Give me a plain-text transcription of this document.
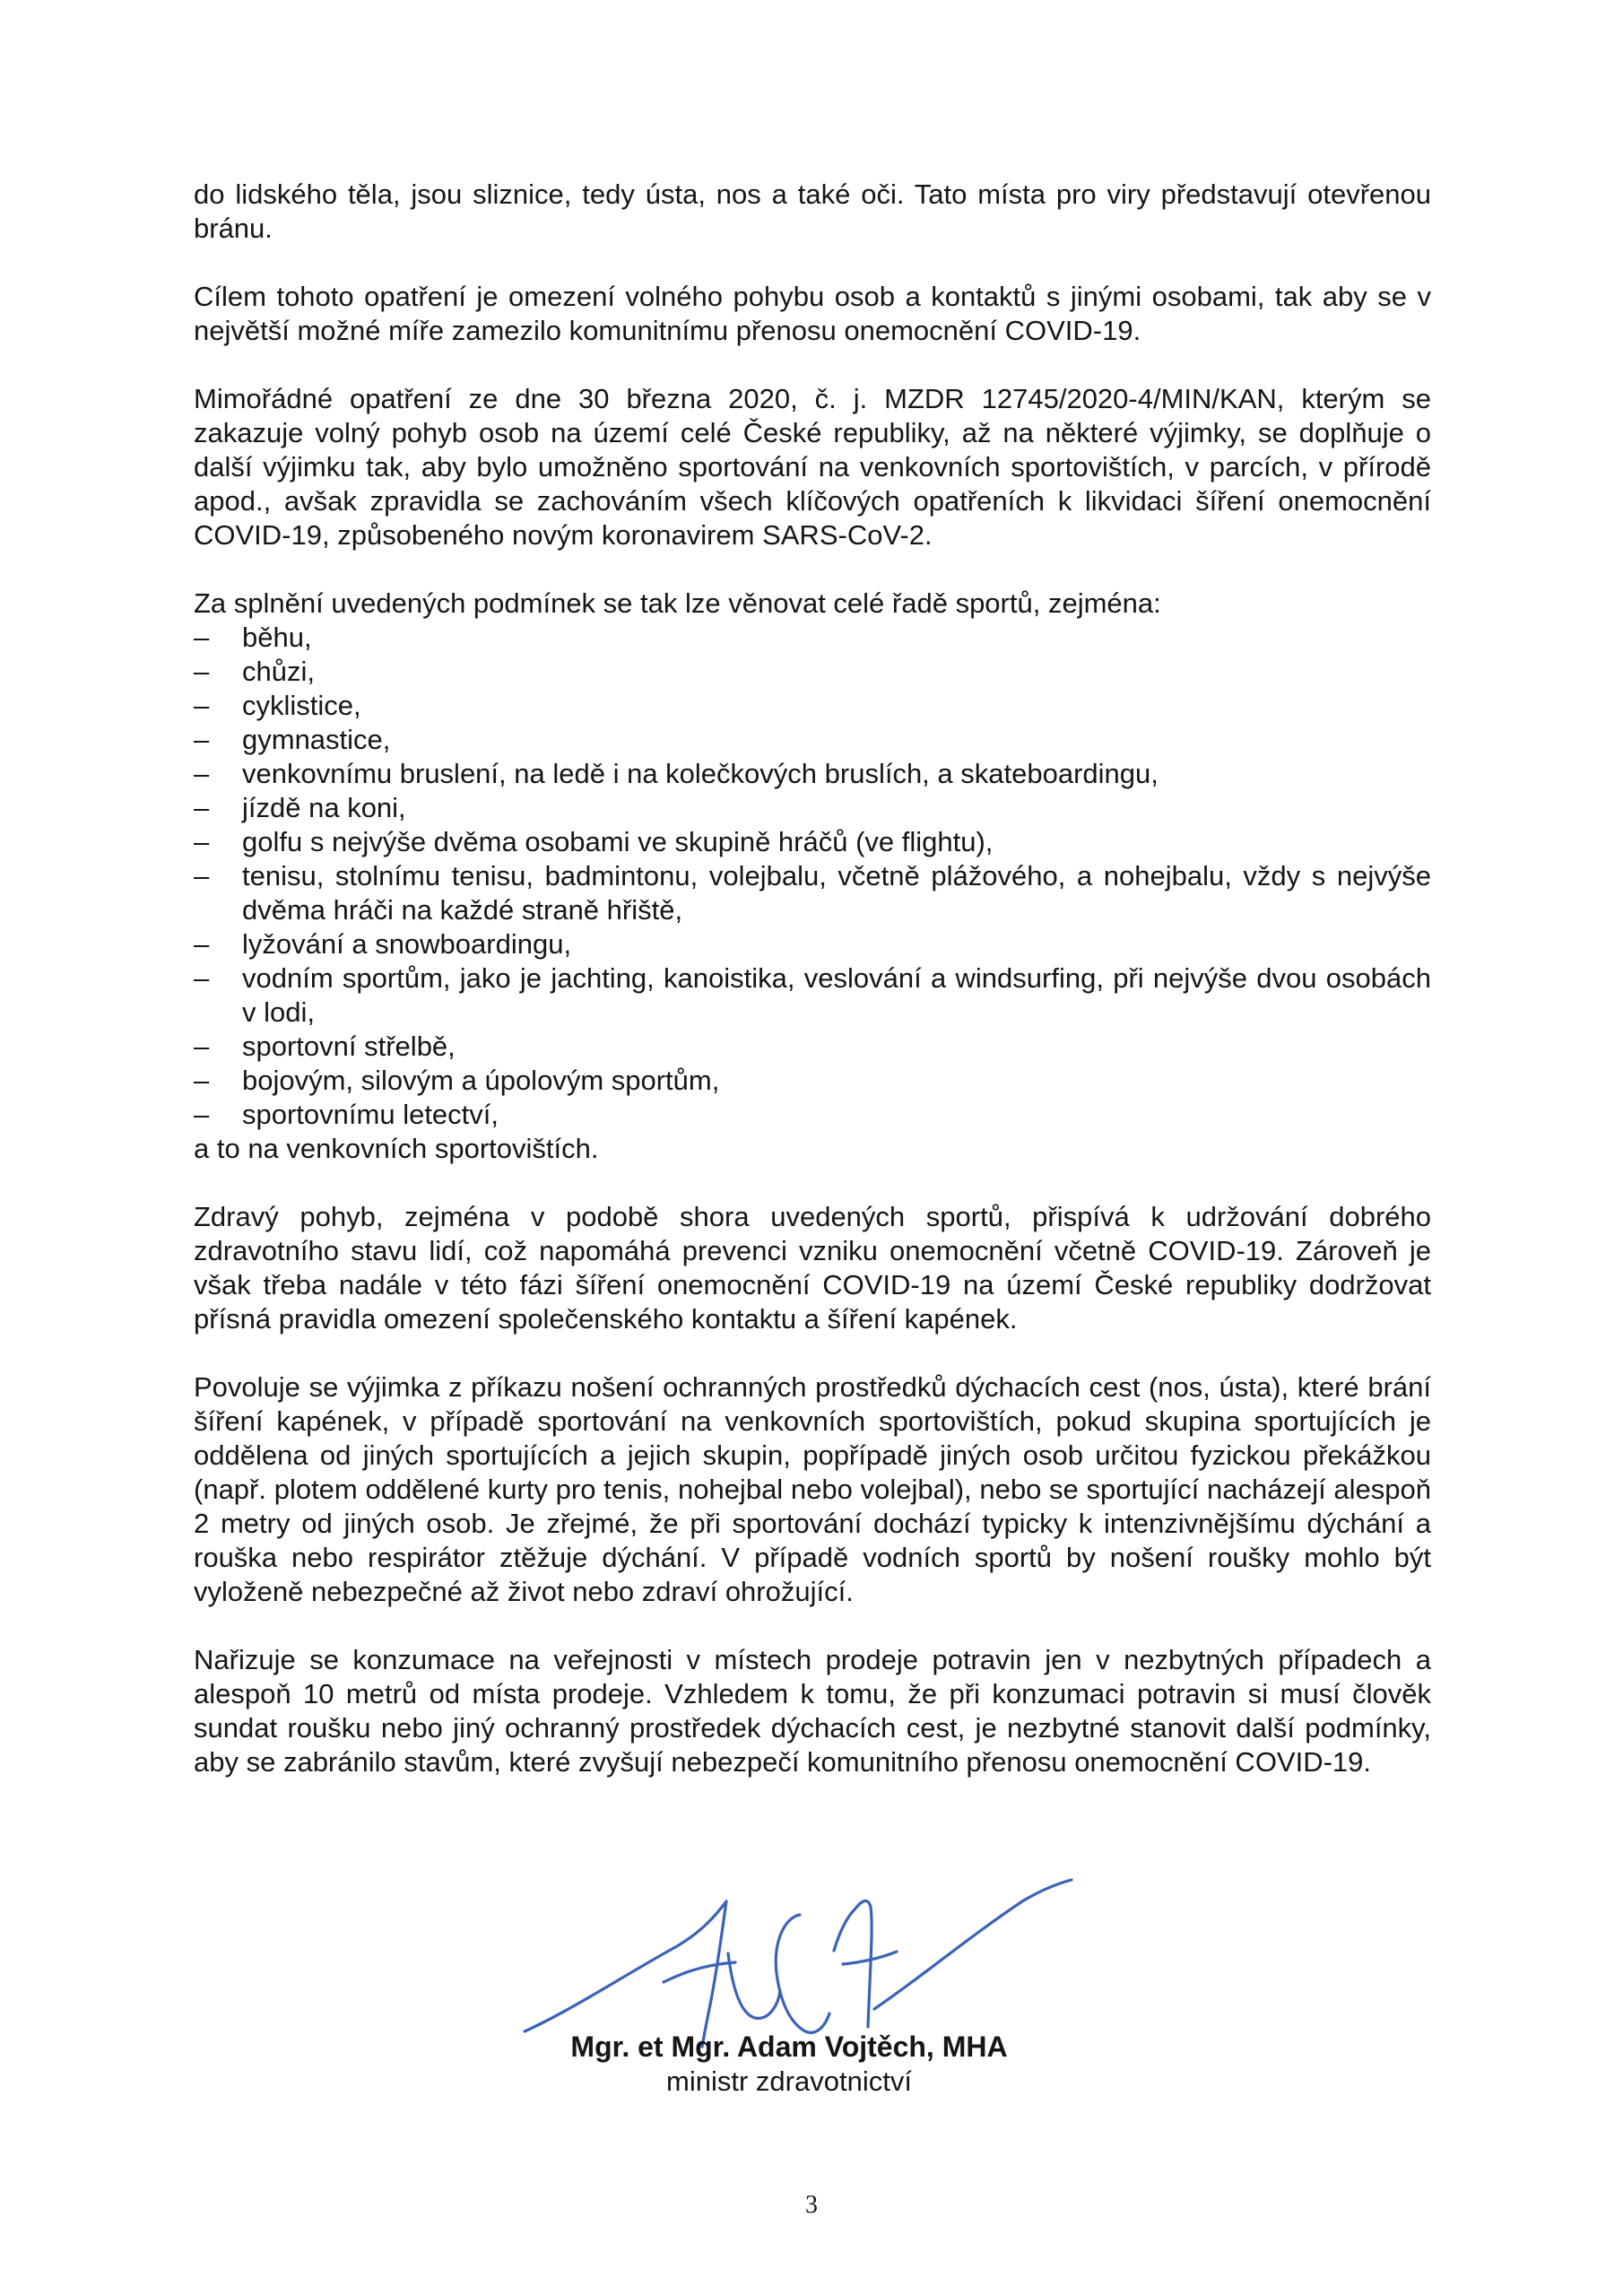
do lidského těla, jsou sliznice, tedy ústa, nos a také oči. Tato místa pro viry představují otevřenou bránu.

Cílem tohoto opatření je omezení volného pohybu osob a kontaktů s jinými osobami, tak aby se v největší možné míře zamezilo komunitnímu přenosu onemocnění COVID-19.

Mimořádné opatření ze dne 30 března 2020, č. j. MZDR 12745/2020-4/MIN/KAN, kterým se zakazuje volný pohyb osob na území celé České republiky, až na některé výjimky, se doplňuje o další výjimku tak, aby bylo umožněno sportování na venkovních sportovištích, v parcích, v přírodě apod., avšak zpravidla se zachováním všech klíčových opatřeních k likvidaci šíření onemocnění COVID-19, způsobeného novým koronavirem SARS-CoV-2.

Za splnění uvedených podmínek se tak lze věnovat celé řadě sportů, zejména:

–	běhu,
–	chůzi,
–	cyklistice,
–	gymnastice,
–	venkovnímu bruslení, na ledě i na kolečkových bruslích, a skateboardingu,
–	jízdě na koni,
–	golfu s nejvýše dvěma osobami ve skupině hráčů (ve flightu),
–	tenisu, stolnímu tenisu, badmintonu, volejbalu, včetně plážového, a nohejbalu, vždy s nejvýše dvěma hráči na každé straně hřiště,
–	lyžování a snowboardingu,
–	vodním sportům, jako je jachting, kanoistika, veslování a windsurfing, při nejvýše dvou osobách v lodi,
–	sportovní střelbě,
–	bojovým, silovým a úpolovým sportům,
–	sportovnímu letectví,

a to na venkovních sportovištích.

Zdravý pohyb, zejména v podobě shora uvedených sportů, přispívá k udržování dobrého zdravotního stavu lidí, což napomáhá prevenci vzniku onemocnění včetně COVID-19. Zároveň je však třeba nadále v této fázi šíření onemocnění COVID-19 na území České republiky dodržovat přísná pravidla omezení společenského kontaktu a šíření kapének.

Povoluje se výjimka z příkazu nošení ochranných prostředků dýchacích cest (nos, ústa), které brání šíření kapének, v případě sportování na venkovních sportovištích, pokud skupina sportujících je oddělena od jiných sportujících a jejich skupin, popřípadě jiných osob určitou fyzickou překážkou (např. plotem oddělené kurty pro tenis, nohejbal nebo volejbal), nebo se sportující nacházejí alespoň 2 metry od jiných osob. Je zřejmé, že při sportování dochází typicky k intenzivnějšímu dýchání a rouška nebo respirátor ztěžuje dýchání. V případě vodních sportů by nošení roušky mohlo být vyloženě nebezpečné až život nebo zdraví ohrožující.

Nařizuje se konzumace na veřejnosti v místech prodeje potravin jen v nezbytných případech a alespoň 10 metrů od místa prodeje. Vzhledem k tomu, že při konzumaci potravin si musí člověk sundat roušku nebo jiný ochranný prostředek dýchacích cest, je nezbytné stanovit další podmínky, aby se zabránilo stavům, které zvyšují nebezpečí komunitního přenosu onemocnění COVID-19.

Mgr. et Mgr. Adam Vojtěch, MHA
ministr zdravotnictví
3
